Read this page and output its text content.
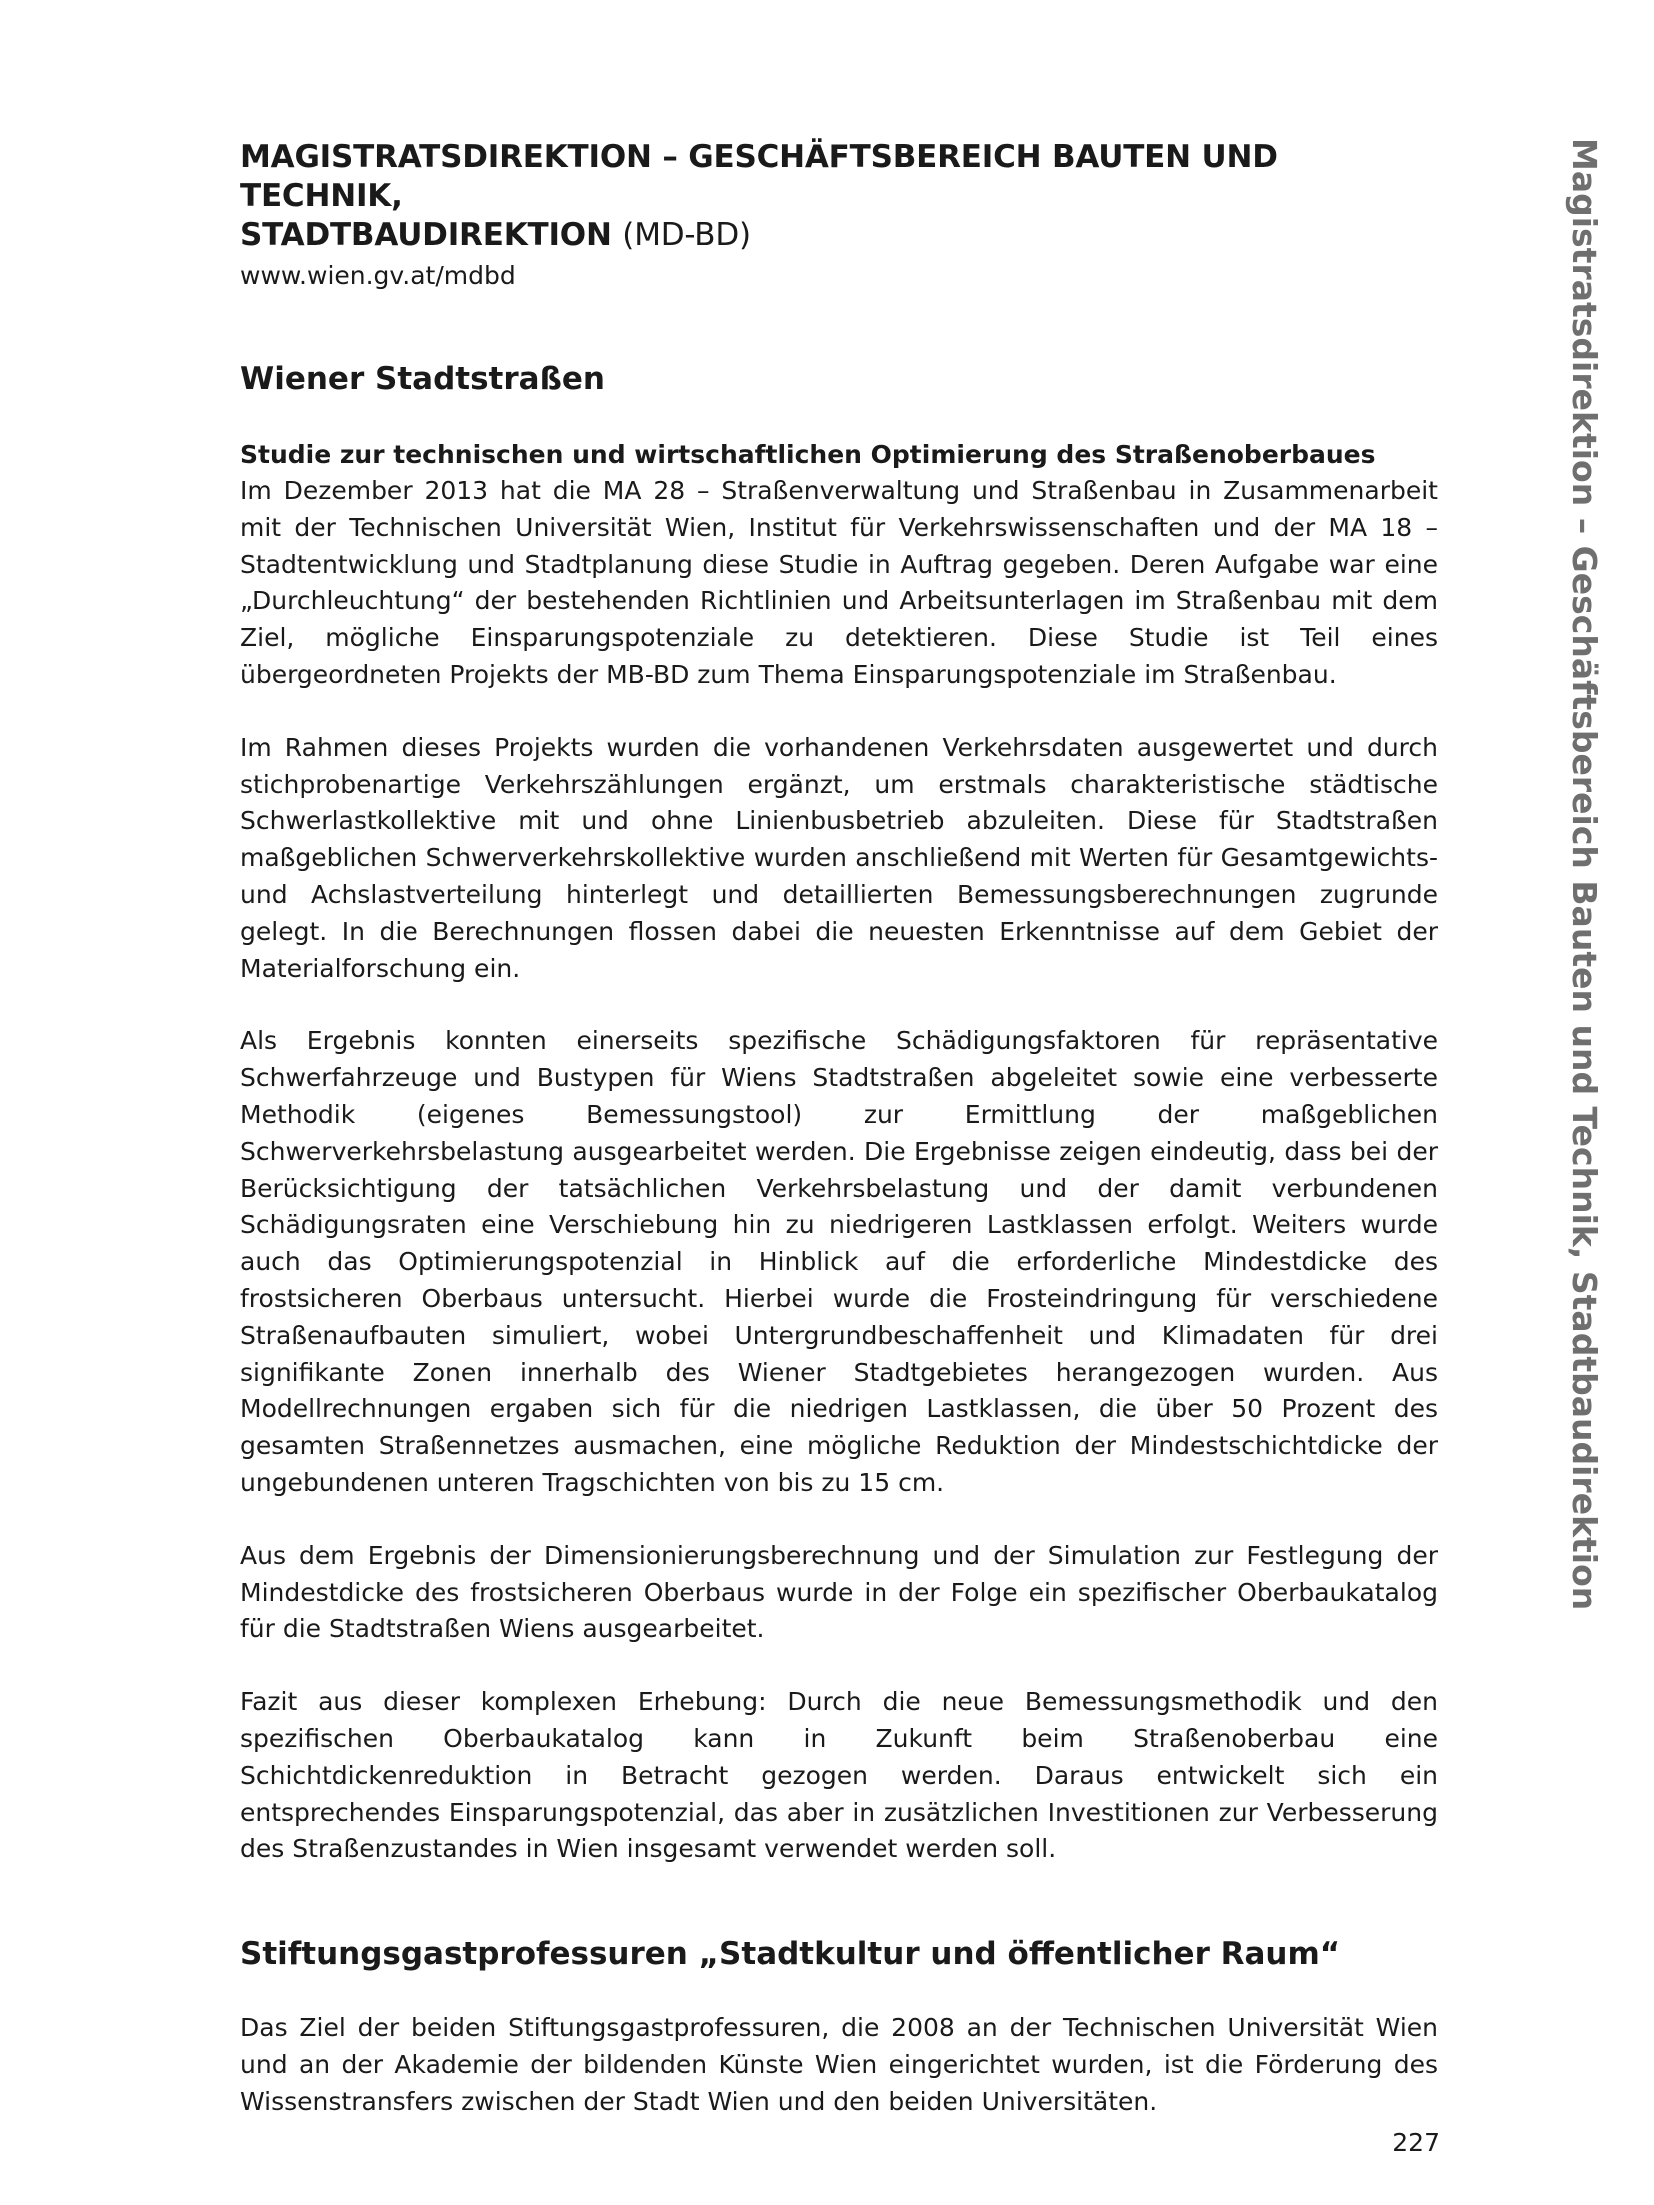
MAGISTRATSDIREKTION – GESCHÄFTSBEREICH BAUTEN UND TECHNIK,
STADTBAUDIREKTION (MD-BD)

www.wien.gv.at/mdbd

Wiener Stadtstraßen
Studie zur technischen und wirtschaftlichen Optimierung des Straßenoberbaues

Im Dezember 2013 hat die MA 28 – Straßenverwaltung und Straßenbau in Zusammenarbeit mit der Technischen Universität Wien, Institut für Verkehrswissenschaften und der MA 18 – Stadtentwicklung und Stadtplanung diese Studie in Auftrag gegeben. Deren Aufgabe war eine „Durchleuchtung“ der bestehenden Richtlinien und Arbeitsunterlagen im Straßenbau mit dem Ziel, mögliche Einsparungspotenziale zu detektieren. Diese Studie ist Teil eines übergeordneten Projekts der MB-BD zum Thema Einsparungspotenziale im Straßenbau.

Im Rahmen dieses Projekts wurden die vorhandenen Verkehrsdaten ausgewertet und durch stichprobenartige Verkehrszählungen ergänzt, um erstmals charakteristische städtische Schwerlastkollektive mit und ohne Linienbusbetrieb abzuleiten. Diese für Stadtstraßen maßgeblichen Schwerverkehrskollektive wurden anschließend mit Werten für Gesamtgewichts- und Achslastverteilung hinterlegt und detaillierten Bemessungsberechnungen zugrunde gelegt. In die Berechnungen flossen dabei die neuesten Erkenntnisse auf dem Gebiet der Materialforschung ein.

Als Ergebnis konnten einerseits spezifische Schädigungsfaktoren für repräsentative Schwerfahrzeuge und Bustypen für Wiens Stadtstraßen abgeleitet sowie eine verbesserte Methodik (eigenes Bemessungstool) zur Ermittlung der maßgeblichen Schwerverkehrsbelastung ausgearbeitet werden. Die Ergebnisse zeigen eindeutig, dass bei der Berücksichtigung der tatsächlichen Verkehrsbelastung und der damit verbundenen Schädigungsraten eine Verschiebung hin zu niedrigeren Lastklassen erfolgt. Weiters wurde auch das Optimierungspotenzial in Hinblick auf die erforderliche Mindestdicke des frostsicheren Oberbaus untersucht. Hierbei wurde die Frosteindringung für verschiedene Straßenaufbauten simuliert, wobei Untergrundbeschaffenheit und Klimadaten für drei signifikante Zonen innerhalb des Wiener Stadtgebietes herangezogen wurden. Aus Modellrechnungen ergaben sich für die niedrigen Lastklassen, die über 50 Prozent des gesamten Straßennetzes ausmachen, eine mögliche Reduktion der Mindestschichtdicke der ungebundenen unteren Tragschichten von bis zu 15 cm.

Aus dem Ergebnis der Dimensionierungsberechnung und der Simulation zur Festlegung der Mindestdicke des frostsicheren Oberbaus wurde in der Folge ein spezifischer Oberbaukatalog für die Stadtstraßen Wiens ausgearbeitet.

Fazit aus dieser komplexen Erhebung: Durch die neue Bemessungsmethodik und den spezifischen Oberbaukatalog kann in Zukunft beim Straßenoberbau eine Schichtdickenreduktion in Betracht gezogen werden. Daraus entwickelt sich ein entsprechendes Einsparungspotenzial, das aber in zusätzlichen Investitionen zur Verbesserung des Straßenzustandes in Wien insgesamt verwendet werden soll.

Stiftungsgastprofessuren „Stadtkultur und öffentlicher Raum“

Das Ziel der beiden Stiftungsgastprofessuren, die 2008 an der Technischen Universität Wien und an der Akademie der bildenden Künste Wien eingerichtet wurden, ist die Förderung des Wissenstransfers zwischen der Stadt Wien und den beiden Universitäten.

Magistratsdirektion – Geschäftsbereich Bauten und Technik, Stadtbaudirektion
227
